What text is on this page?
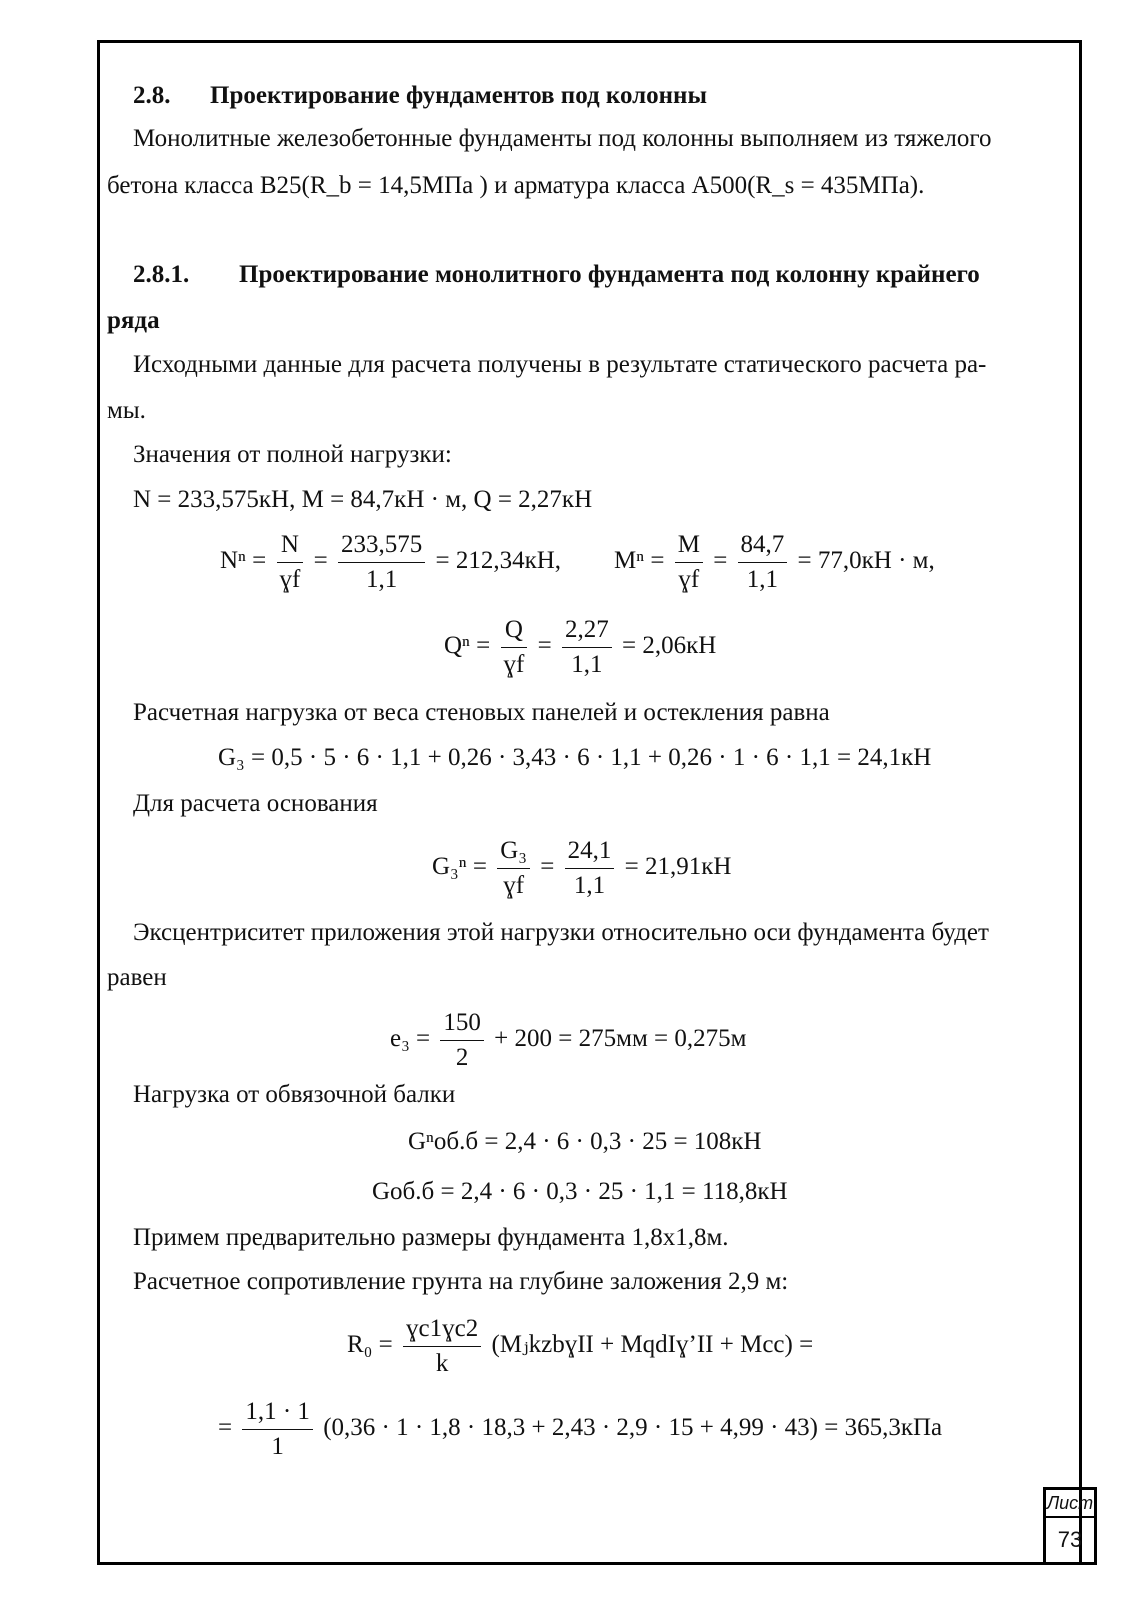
2.8. Проектирование фундаментов под колонны
Монолитные железобетонные фундаменты под колонны выполняем из тяжелого
бетона класса В25(R_b = 14,5МПа ) и арматура класса А500(R_s = 435МПа).
2.8.1. Проектирование монолитного фундамента под колонну крайнего
ряда
Исходными данные для расчета получены в результате статического расчета ра-
мы.
Значения от полной нагрузки:
N = 233,575кН, M = 84,7кН · м, Q = 2,27кН
$N^n = \frac{N}{\text{ɣf}} = \frac{233,575}{1,1} = 212,34кН$, $M^n = \frac{M}{\text{ɣf}} = \frac{84,7}{1,1} = 77,0кН \cdot м$,
$Q^n = \frac{Q}{\text{ɣf}} = \frac{2,27}{1,1} = 2,06кН$
Расчетная нагрузка от веса стеновых панелей и остекления равна
G₃ = 0,5 · 5 · 6 · 1,1 + 0,26 · 3,43 · 6 · 1,1 + 0,26 · 1 · 6 · 1,1 = 24,1кН
Для расчета основания
$G_3^n = \frac{\text{G₃}}{\text{ɣf}} = \frac{24,1}{1,1} = 21,91кН$
Эксцентриситет приложения этой нагрузки относительно оси фундамента будет
равен
$e_3 = \frac{150}{2} + 200 = 275мм = 0,275м$
Нагрузка от обвязочной балки
Gⁿоб.б = 2,4 · 6 · 0,3 · 25 = 108кН
Gоб.б = 2,4 · 6 · 0,3 · 25 · 1,1 = 118,8кН
Примем предварительно размеры фундамента 1,8х1,8м.
Расчетное сопротивление грунта на глубине заложения 2,9 м:
$R_0 = \frac{\text{ɣc1ɣc2}}{k}$ (MⱼkzbɣII + MqdIɣ’II + Mcc) =
= $\frac{1,1 \cdot 1}{1} (0,36 \cdot 1 \cdot 1,8 \cdot 18,3 + 2,43 \cdot 2,9 \cdot 15 + 4,99 \cdot 43) = 365,3кПа$
Лист
73
